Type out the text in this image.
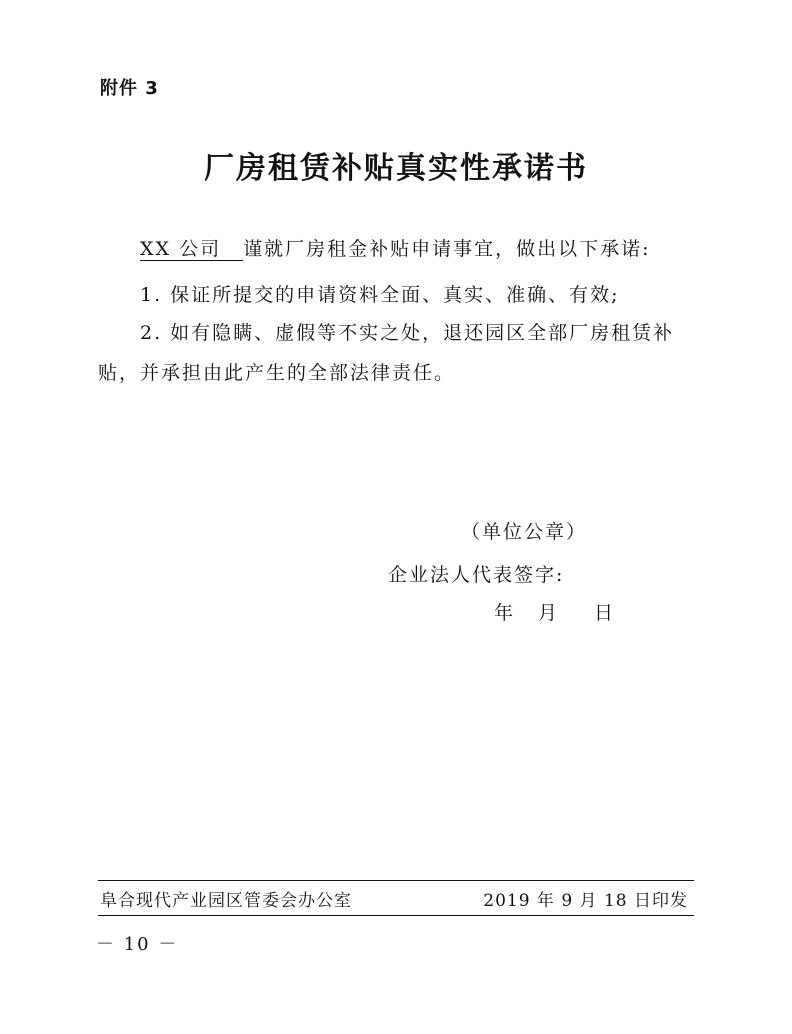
附件 3
厂房租赁补贴真实性承诺书
XX 公司 谨就厂房租金补贴申请事宜，做出以下承诺:
1. 保证所提交的申请资料全面、真实、准确、有效;
2. 如有隐瞒、虚假等不实之处，退还园区全部厂房租赁补
贴，并承担由此产生的全部法律责任。
（单位公章）
企业法人代表签字:
年 月 日
阜合现代产业园区管委会办公室	2019 年 9 月 18 日印发
－ 10 －
